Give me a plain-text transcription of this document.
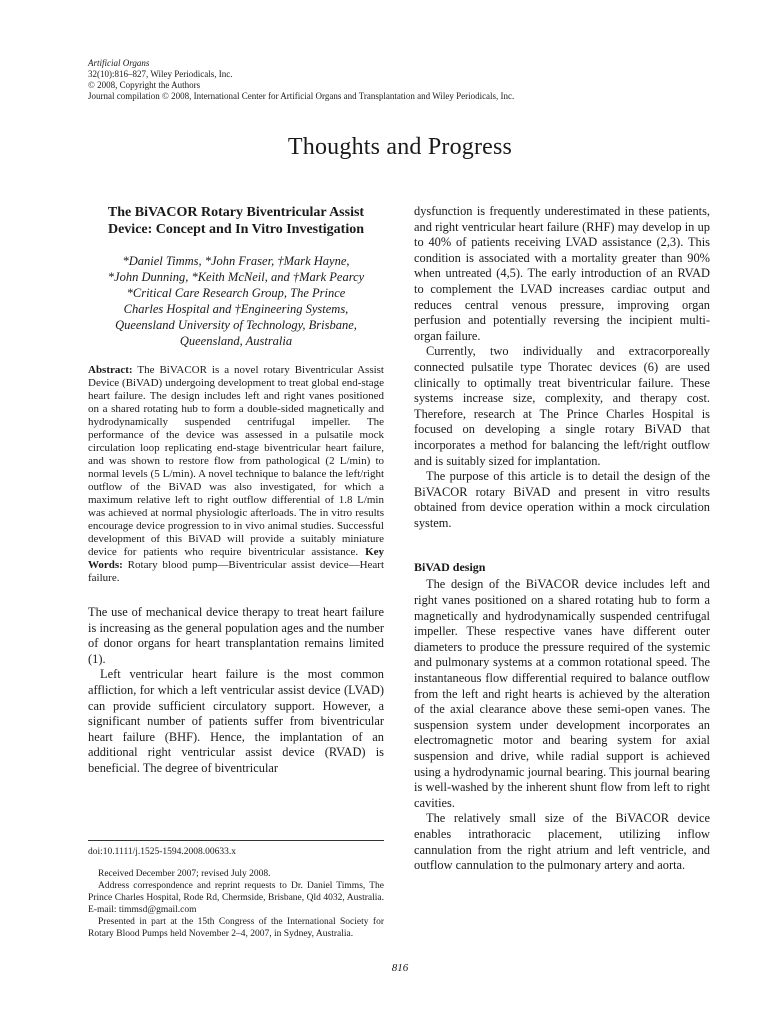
Artificial Organs
32(10):816–827, Wiley Periodicals, Inc.
© 2008, Copyright the Authors
Journal compilation © 2008, International Center for Artificial Organs and Transplantation and Wiley Periodicals, Inc.
Thoughts and Progress
The BiVACOR Rotary Biventricular Assist Device: Concept and In Vitro Investigation
*Daniel Timms, *John Fraser, †Mark Hayne,
*John Dunning, *Keith McNeil, and †Mark Pearcy
*Critical Care Research Group, The Prince
Charles Hospital and †Engineering Systems,
Queensland University of Technology, Brisbane,
Queensland, Australia

Abstract: The BiVACOR is a novel rotary Biventricular Assist Device (BiVAD) undergoing development to treat global end-stage heart failure. The design includes left and right vanes positioned on a shared rotating hub to form a double-sided magnetically and hydrodynamically suspended centrifugal impeller. The performance of the device was assessed in a pulsatile mock circulation loop replicating end-stage biventricular heart failure, and was shown to restore flow from pathological (2 L/min) to normal levels (5 L/min). A novel technique to balance the left/right outflow of the BiVAD was also investigated, for which a maximum relative left to right outflow differential of 1.8 L/min was achieved at normal physiologic afterloads. The in vitro results encourage device progression to in vivo animal studies. Successful development of this BiVAD will provide a suitably miniature device for patients who require biventricular assistance. Key Words: Rotary blood pump—Biventricular assist device—Heart failure.

The use of mechanical device therapy to treat heart failure is increasing as the general population ages and the number of donor organs for heart transplantation remains limited (1).

Left ventricular heart failure is the most common affliction, for which a left ventricular assist device (LVAD) can provide sufficient circulatory support. However, a significant number of patients suffer from biventricular heart failure (BHF). Hence, the implantation of an additional right ventricular assist device (RVAD) is beneficial. The degree of biventricular

dysfunction is frequently underestimated in these patients, and right ventricular heart failure (RHF) may develop in up to 40% of patients receiving LVAD assistance (2,3). This condition is associated with a mortality greater than 90% when untreated (4,5). The early introduction of an RVAD to complement the LVAD increases cardiac output and reduces central venous pressure, improving organ perfusion and potentially reversing the incipient multi-organ failure.

Currently, two individually and extracorporeally connected pulsatile type Thoratec devices (6) are used clinically to optimally treat biventricular failure. These systems increase size, complexity, and therapy cost. Therefore, research at The Prince Charles Hospital is focused on developing a single rotary BiVAD that incorporates a method for balancing the left/right outflow and is suitably sized for implantation.

The purpose of this article is to detail the design of the BiVACOR rotary BiVAD and present in vitro results obtained from device operation within a mock circulation system.

BiVAD design

The design of the BiVACOR device includes left and right vanes positioned on a shared rotating hub to form a magnetically and hydrodynamically suspended centrifugal impeller. These respective vanes have different outer diameters to produce the pressure required of the systemic and pulmonary systems at a common rotational speed. The instantaneous flow differential required to balance outflow from the left and right hearts is achieved by the alteration of the axial clearance above these semi-open vanes. The suspension system under development incorporates an electromagnetic motor and bearing system for axial suspension and drive, while radial support is achieved using a hydrodynamic journal bearing. This journal bearing is well-washed by the inherent shunt flow from left to right cavities.

The relatively small size of the BiVACOR device enables intrathoracic placement, utilizing inflow cannulation from the right atrium and left ventricle, and outflow cannulation to the pulmonary artery and aorta.

doi:10.1111/j.1525-1594.2008.00633.x

Received December 2007; revised July 2008.

Address correspondence and reprint requests to Dr. Daniel Timms, The Prince Charles Hospital, Rode Rd, Chermside, Brisbane, Qld 4032, Australia. E-mail: timmsd@gmail.com

Presented in part at the 15th Congress of the International Society for Rotary Blood Pumps held November 2–4, 2007, in Sydney, Australia.

816
